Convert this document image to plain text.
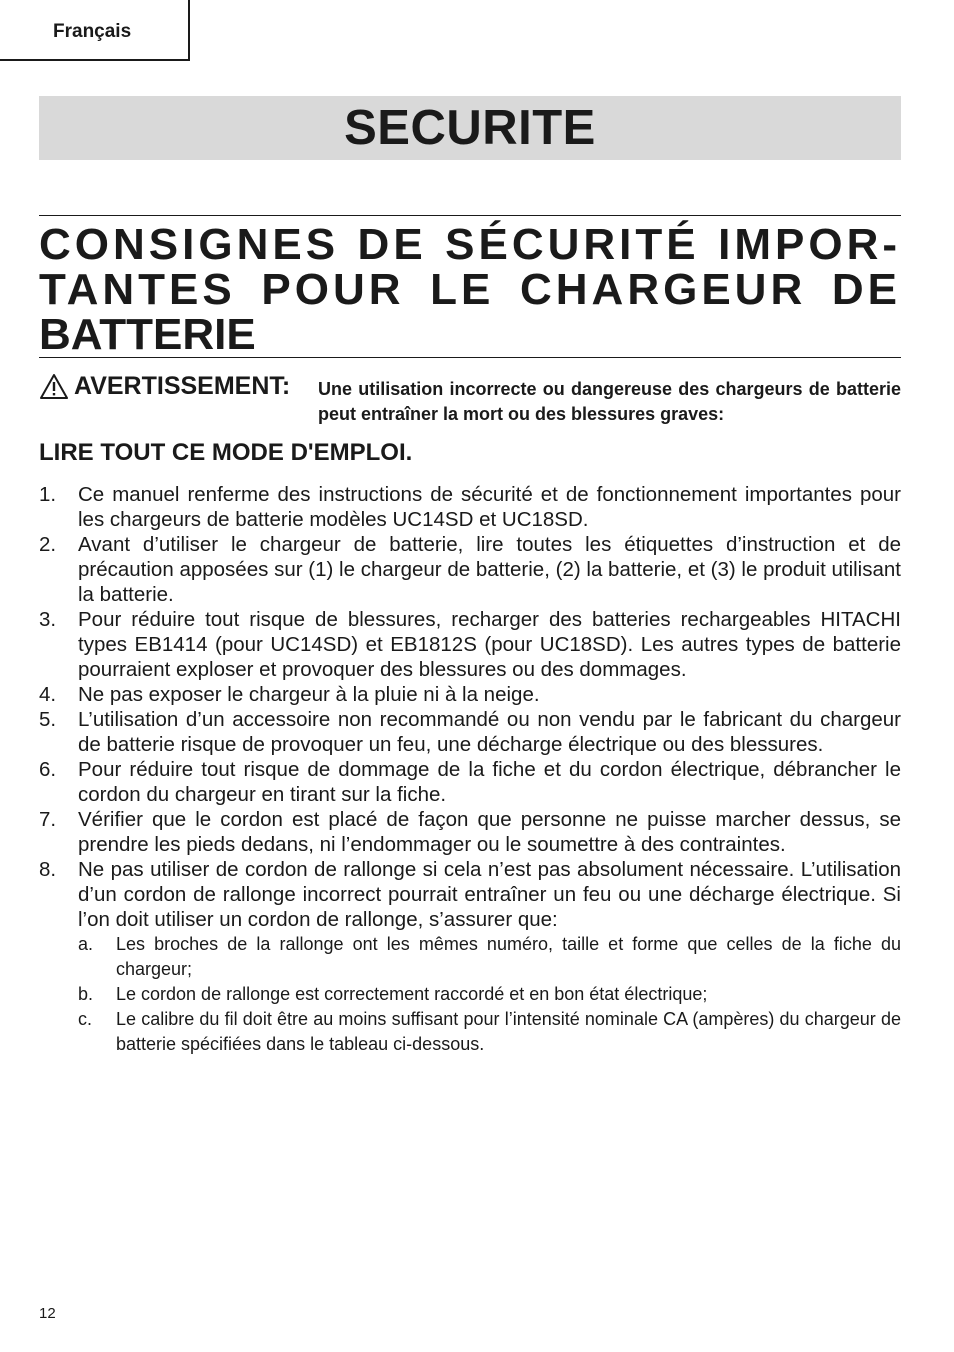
Français
SECURITE
CONSIGNES DE SÉCURITÉ IMPOR-
TANTES POUR LE CHARGEUR DE
BATTERIE
AVERTISSEMENT: Une utilisation incorrecte ou dangereuse des chargeurs de batterie peut entraîner la mort ou des blessures graves:
LIRE TOUT CE MODE D'EMPLOI.
1. Ce manuel renferme des instructions de sécurité et de fonctionnement importantes pour les chargeurs de batterie modèles UC14SD et UC18SD.
2. Avant d’utiliser le chargeur de batterie, lire toutes les étiquettes d’instruction et de précaution apposées sur (1) le chargeur de batterie, (2) la batterie, et (3) le produit utilisant la batterie.
3. Pour réduire tout risque de blessures, recharger des batteries rechargeables HITACHI types EB1414 (pour UC14SD) et EB1812S (pour UC18SD). Les autres types de batterie pourraient exploser et provoquer des blessures ou des dommages.
4. Ne pas exposer le chargeur à la pluie ni à la neige.
5. L’utilisation d’un accessoire non recommandé ou non vendu par le fabricant du chargeur de batterie risque de provoquer un feu, une décharge électrique ou des blessures.
6. Pour réduire tout risque de dommage de la fiche et du cordon électrique, débrancher le cordon du chargeur en tirant sur la fiche.
7. Vérifier que le cordon est placé de façon que personne ne puisse marcher dessus, se prendre les pieds dedans, ni l’endommager ou le soumettre à des contraintes.
8. Ne pas utiliser de cordon de rallonge si cela n’est pas absolument nécessaire. L’utilisation d’un cordon de rallonge incorrect pourrait entraîner un feu ou une décharge électrique. Si l’on doit utiliser un cordon de rallonge, s’assurer que:
a. Les broches de la rallonge ont les mêmes numéro, taille et forme que celles de la fiche du chargeur;
b. Le cordon de rallonge est correctement raccordé et en bon état électrique;
c. Le calibre du fil doit être au moins suffisant pour l’intensité nominale CA (ampères) du chargeur de batterie spécifiées dans le tableau ci-dessous.
12
